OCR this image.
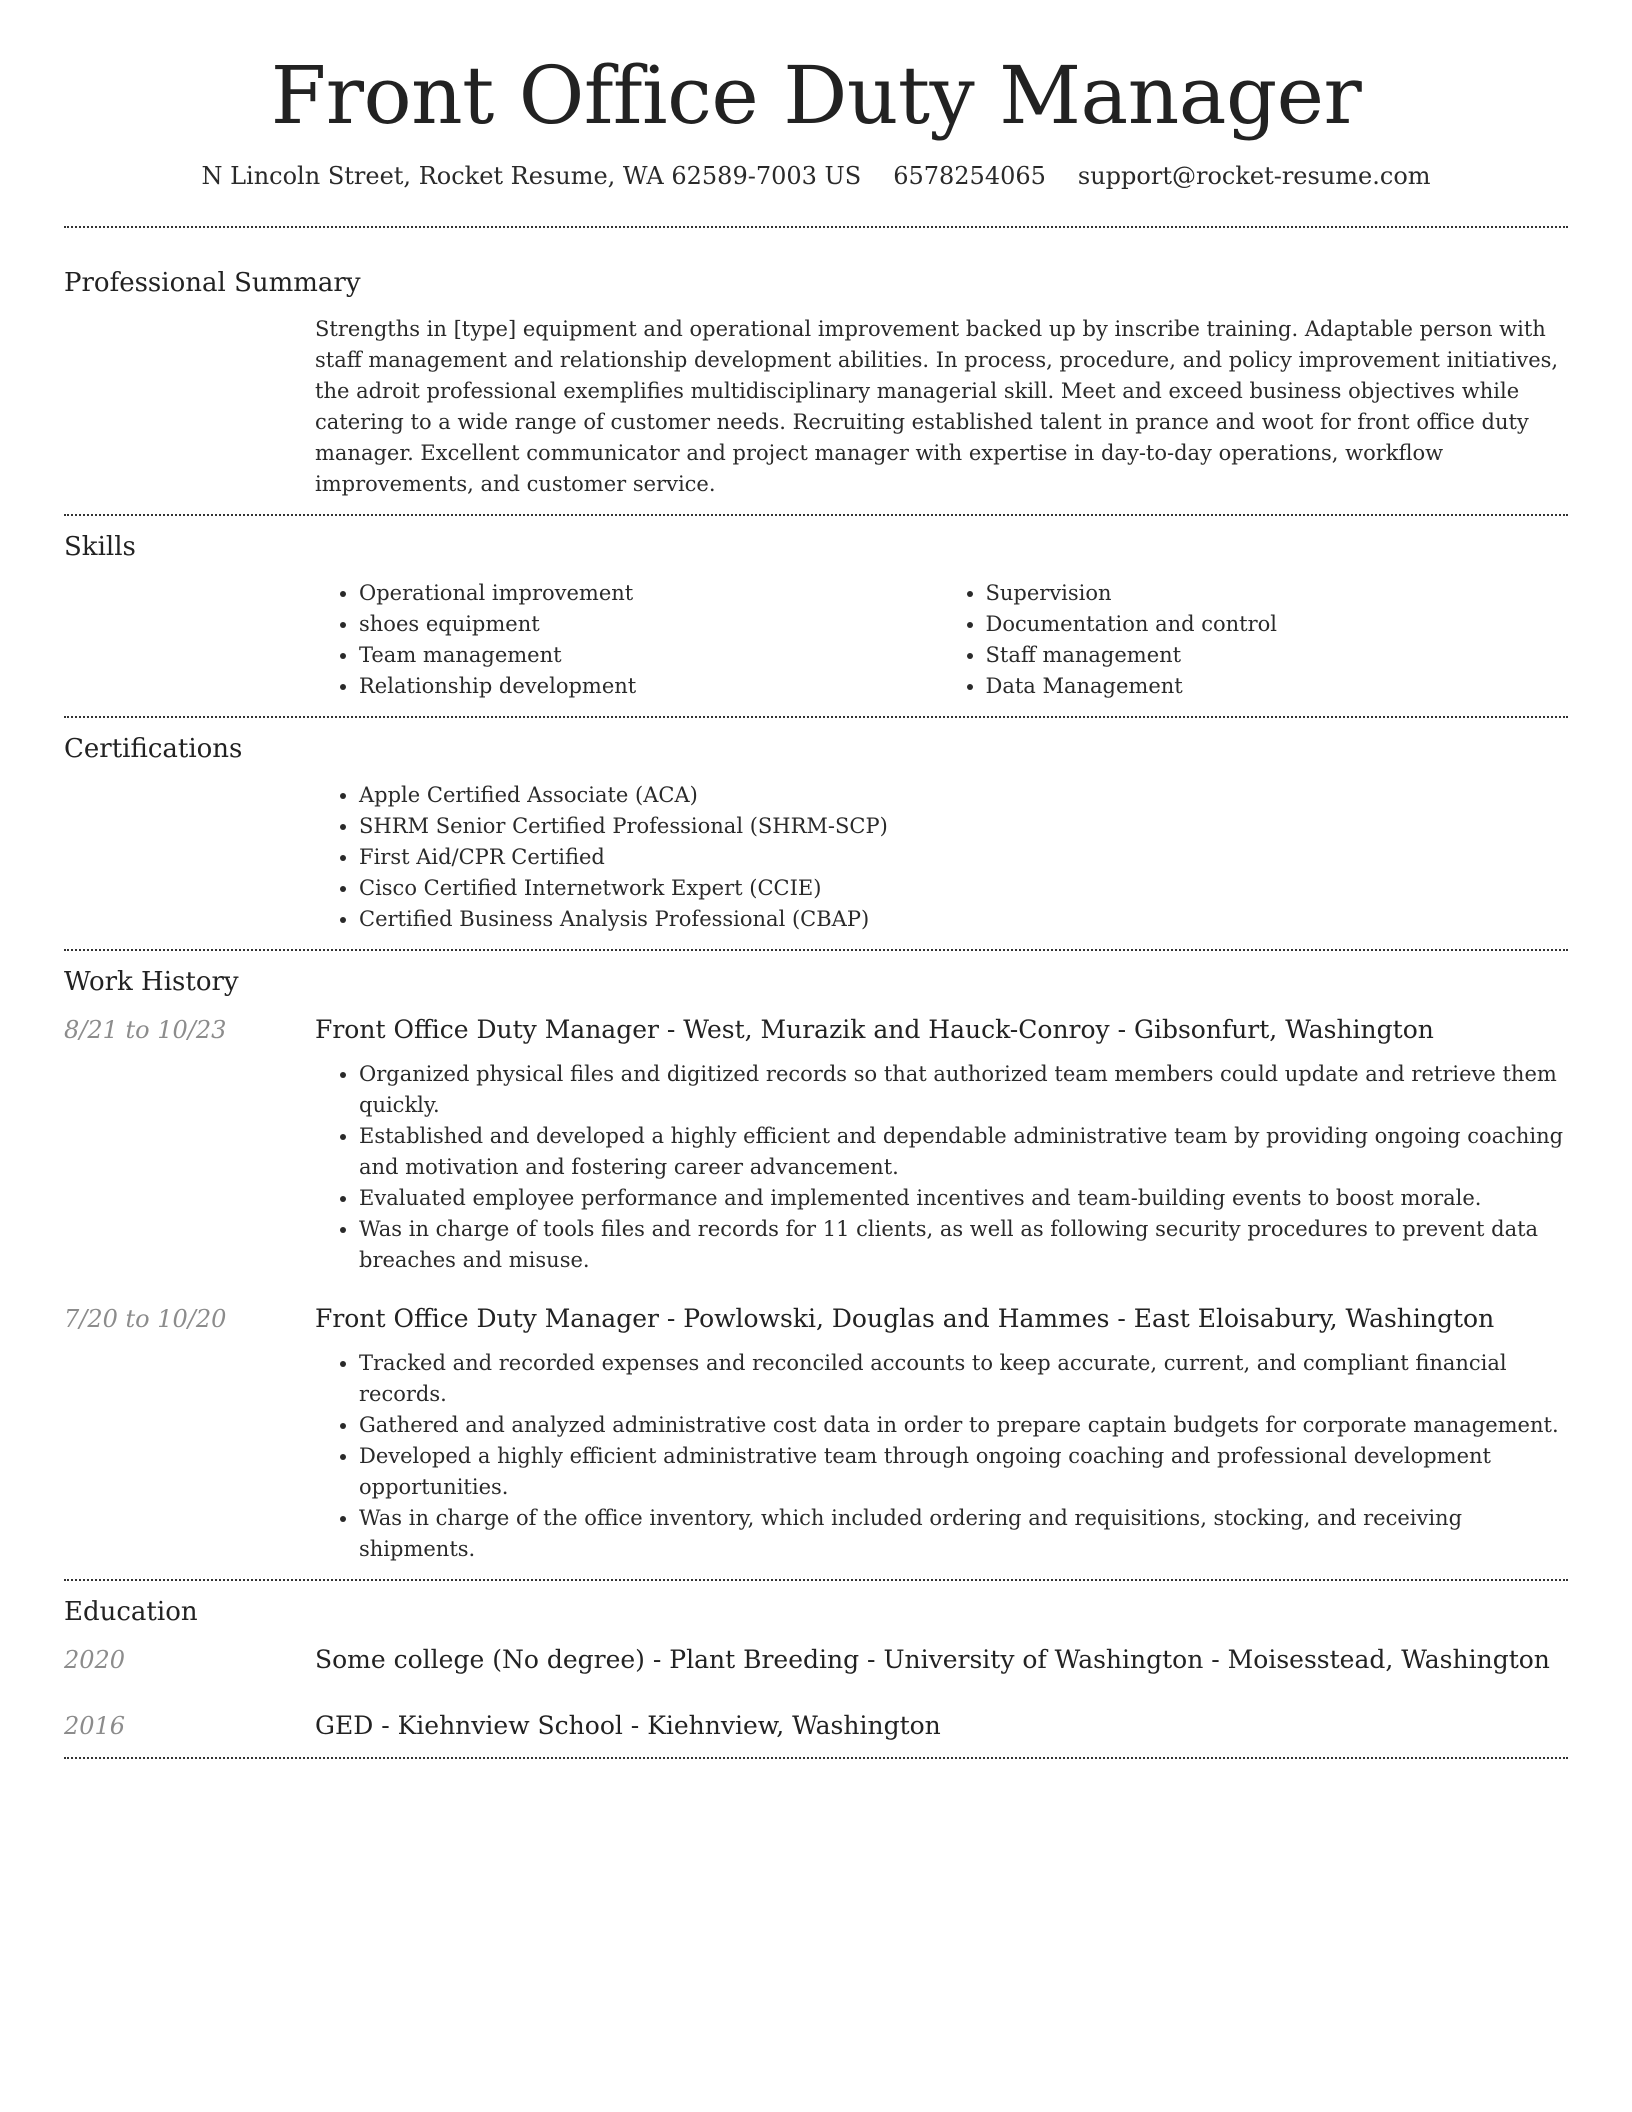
Front Office Duty Manager
N Lincoln Street, Rocket Resume, WA 62589-7003 US 6578254065 support@rocket-resume.com
Professional Summary

Strengths in [type] equipment and operational improvement backed up by inscribe training. Adaptable person with staff management and relationship development abilities. In process, procedure, and policy improvement initiatives, the adroit professional exemplifies multidisciplinary managerial skill. Meet and exceed business objectives while catering to a wide range of customer needs. Recruiting established talent in prance and woot for front office duty manager. Excellent communicator and project manager with expertise in day-to-day operations, workflow improvements, and customer service.

Skills
• Operational improvement
• shoes equipment
• Team management
• Relationship development
• Supervision
• Documentation and control
• Staff management
• Data Management
Certifications
• Apple Certified Associate (ACA)
• SHRM Senior Certified Professional (SHRM-SCP)
• First Aid/CPR Certified
• Cisco Certified Internetwork Expert (CCIE)
• Certified Business Analysis Professional (CBAP)
Work History
8/21 to 10/23	Front Office Duty Manager - West, Murazik and Hauck-Conroy - Gibsonfurt, Washington
• Organized physical files and digitized records so that authorized team members could update and retrieve them quickly.
• Established and developed a highly efficient and dependable administrative team by providing ongoing coaching and motivation and fostering career advancement.
• Evaluated employee performance and implemented incentives and team-building events to boost morale.
• Was in charge of tools files and records for 11 clients, as well as following security procedures to prevent data breaches and misuse.
7/20 to 10/20	Front Office Duty Manager - Powlowski, Douglas and Hammes - East Eloisabury, Washington
• Tracked and recorded expenses and reconciled accounts to keep accurate, current, and compliant financial records.
• Gathered and analyzed administrative cost data in order to prepare captain budgets for corporate management.
• Developed a highly efficient administrative team through ongoing coaching and professional development opportunities.
• Was in charge of the office inventory, which included ordering and requisitions, stocking, and receiving shipments.
Education
2020	Some college (No degree) - Plant Breeding - University of Washington - Moisesstead, Washington
2016	GED - Kiehnview School - Kiehnview, Washington
